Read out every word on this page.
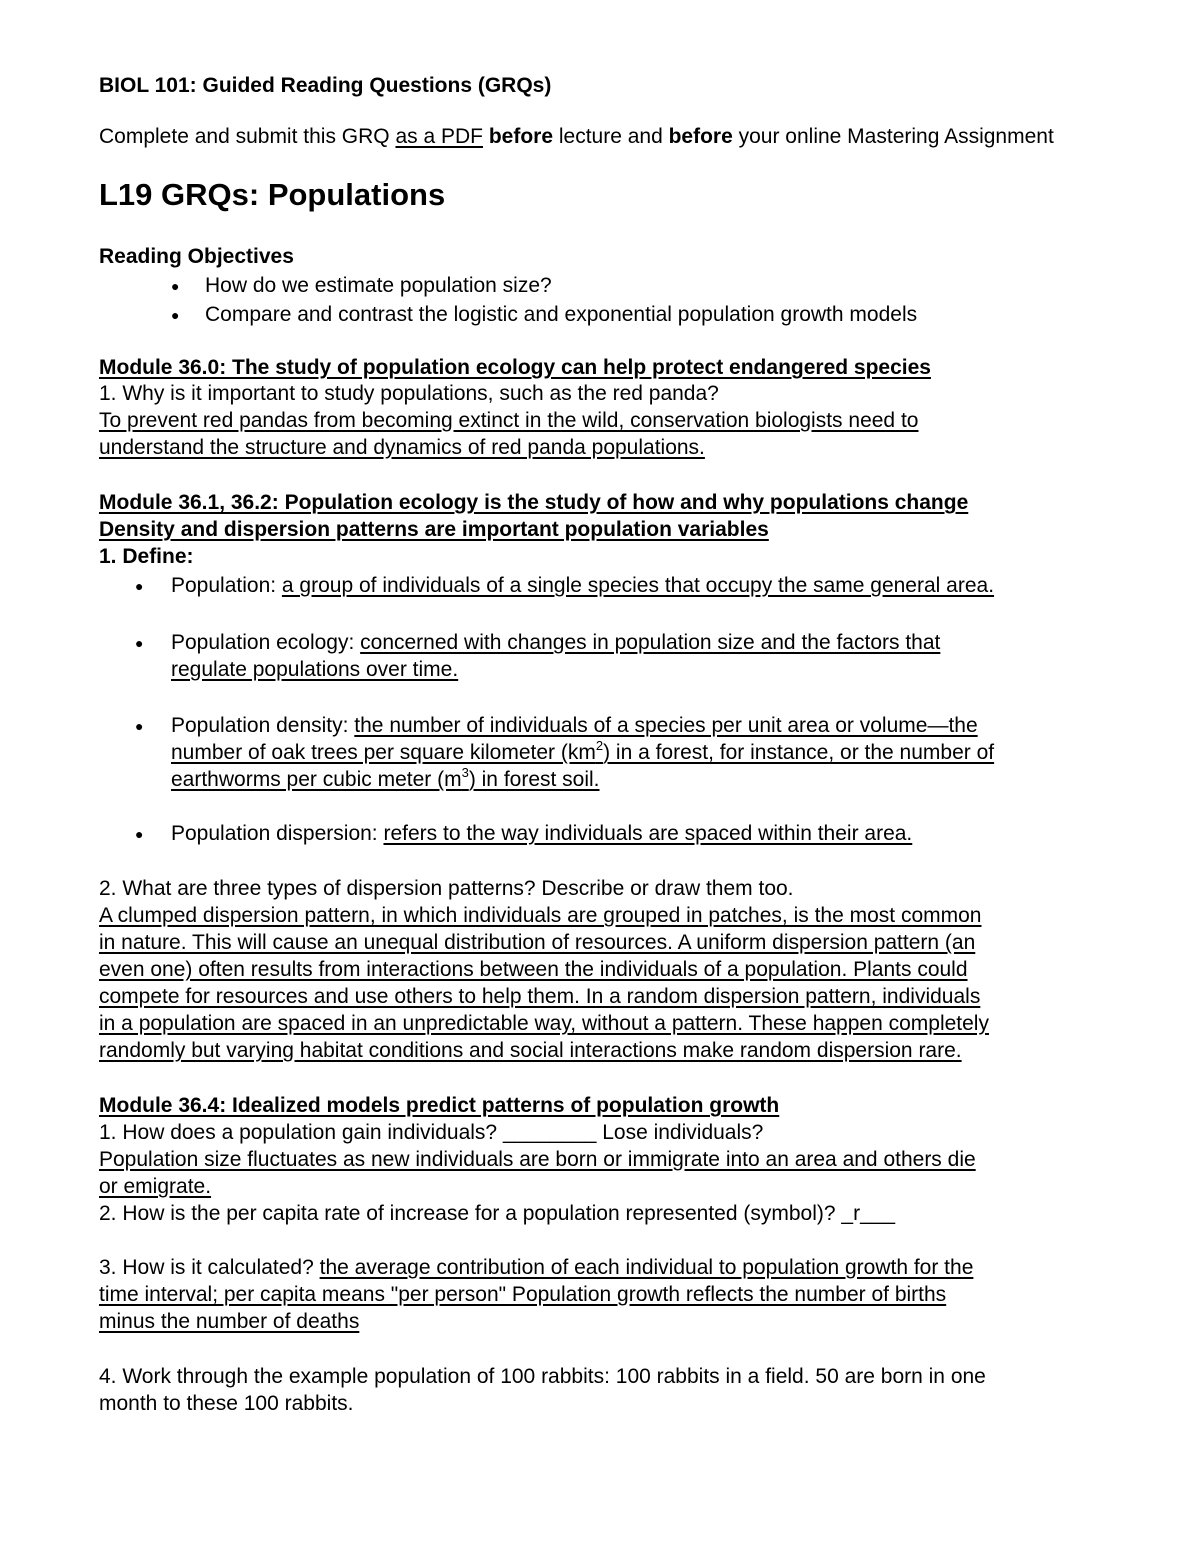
BIOL 101: Guided Reading Questions (GRQs)
Complete and submit this GRQ as a PDF before lecture and before your online Mastering Assignment
L19 GRQs: Populations
Reading Objectives
● How do we estimate population size?
● Compare and contrast the logistic and exponential population growth models
Module 36.0: The study of population ecology can help protect endangered species
1. Why is it important to study populations, such as the red panda?
To prevent red pandas from becoming extinct in the wild, conservation biologists need to
understand the structure and dynamics of red panda populations.
Module 36.1, 36.2: Population ecology is the study of how and why populations change
Density and dispersion patterns are important population variables
1. Define:
● Population: a group of individuals of a single species that occupy the same general area.
● Population ecology: concerned with changes in population size and the factors that
regulate populations over time.
● Population density: the number of individuals of a species per unit area or volume—the
number of oak trees per square kilometer $(km^2)$ in a forest, for instance, or the number of
earthworms per cubic meter $(m^3)$ in forest soil.
● Population dispersion: refers to the way individuals are spaced within their area.
2. What are three types of dispersion patterns? Describe or draw them too.
A clumped dispersion pattern, in which individuals are grouped in patches, is the most common
in nature. This will cause an unequal distribution of resources. A uniform dispersion pattern (an
even one) often results from interactions between the individuals of a population. Plants could
compete for resources and use others to help them. In a random dispersion pattern, individuals
in a population are spaced in an unpredictable way, without a pattern. These happen completely
randomly but varying habitat conditions and social interactions make random dispersion rare.
Module 36.4: Idealized models predict patterns of population growth
1. How does a population gain individuals? ________ Lose individuals?
Population size fluctuates as new individuals are born or immigrate into an area and others die
or emigrate.
2. How is the per capita rate of increase for a population represented (symbol)? _r___
3. How is it calculated? the average contribution of each individual to population growth for the
time interval; per capita means "per person" Population growth reflects the number of births
minus the number of deaths
4. Work through the example population of 100 rabbits: 100 rabbits in a field. 50 are born in one
month to these 100 rabbits.
